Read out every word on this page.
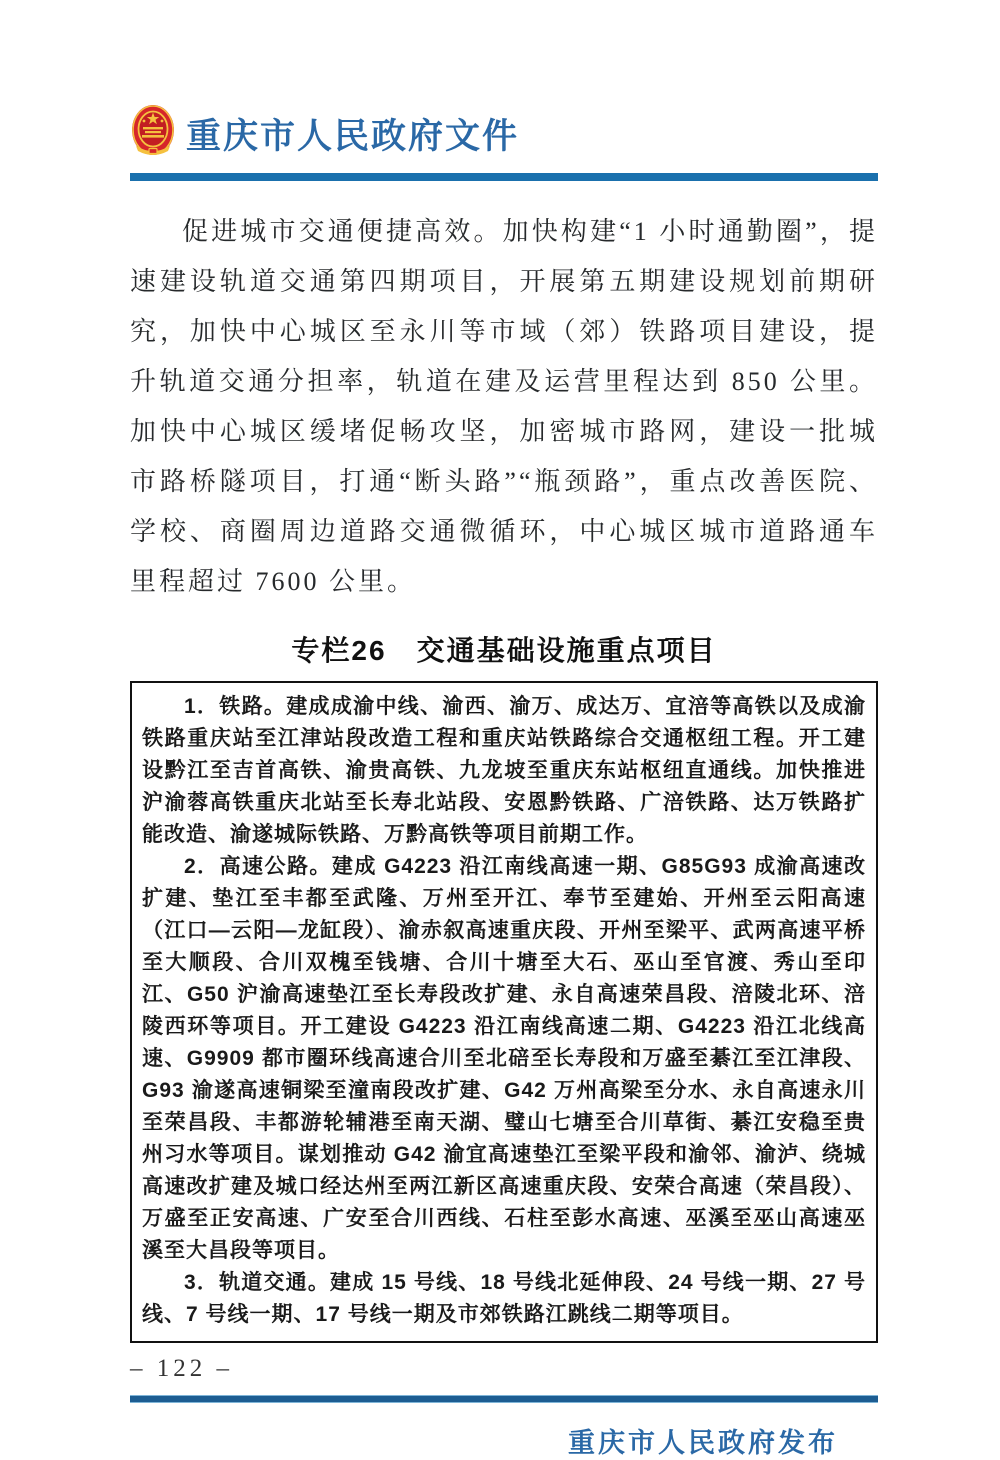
重庆市人民政府文件

促进城市交通便捷高效。加快构建“1 小时通勤圈”，提速建设轨道交通第四期项目，开展第五期建设规划前期研究，加快中心城区至永川等市域（郊）铁路项目建设，提升轨道交通分担率，轨道在建及运营里程达到 850 公里。加快中心城区缓堵促畅攻坚，加密城市路网，建设一批城市路桥隧项目，打通“断头路”“瓶颈路”，重点改善医院、学校、商圈周边道路交通微循环，中心城区城市道路通车里程超过 7600 公里。

专栏26　交通基础设施重点项目

1．铁路。建成成渝中线、渝西、渝万、成达万、宜涪等高铁以及成渝铁路重庆站至江津站段改造工程和重庆站铁路综合交通枢纽工程。开工建设黔江至吉首高铁、渝贵高铁、九龙坡至重庆东站枢纽直通线。加快推进沪渝蓉高铁重庆北站至长寿北站段、安恩黔铁路、广涪铁路、达万铁路扩能改造、渝遂城际铁路、万黔高铁等项目前期工作。

2．高速公路。建成 G4223 沿江南线高速一期、G85G93 成渝高速改扩建、垫江至丰都至武隆、万州至开江、奉节至建始、开州至云阳高速（江口—云阳—龙缸段）、渝赤叙高速重庆段、开州至梁平、武两高速平桥至大顺段、合川双槐至钱塘、合川十塘至大石、巫山至官渡、秀山至印江、G50 沪渝高速垫江至长寿段改扩建、永自高速荣昌段、涪陵北环、涪陵西环等项目。开工建设 G4223 沿江南线高速二期、G4223 沿江北线高速、G9909 都市圈环线高速合川至北碚至长寿段和万盛至綦江至江津段、G93 渝遂高速铜梁至潼南段改扩建、G42 万州高梁至分水、永自高速永川至荣昌段、丰都游轮辅港至南天湖、璧山七塘至合川草街、綦江安稳至贵州习水等项目。谋划推动 G42 渝宜高速垫江至梁平段和渝邻、渝泸、绕城高速改扩建及城口经达州至两江新区高速重庆段、安荣合高速（荣昌段）、万盛至正安高速、广安至合川西线、石柱至彭水高速、巫溪至巫山高速巫溪至大昌段等项目。

3．轨道交通。建成 15 号线、18 号线北延伸段、24 号线一期、27 号线、7 号线一期、17 号线一期及市郊铁路江跳线二期等项目。

– 122 –
重庆市人民政府发布
